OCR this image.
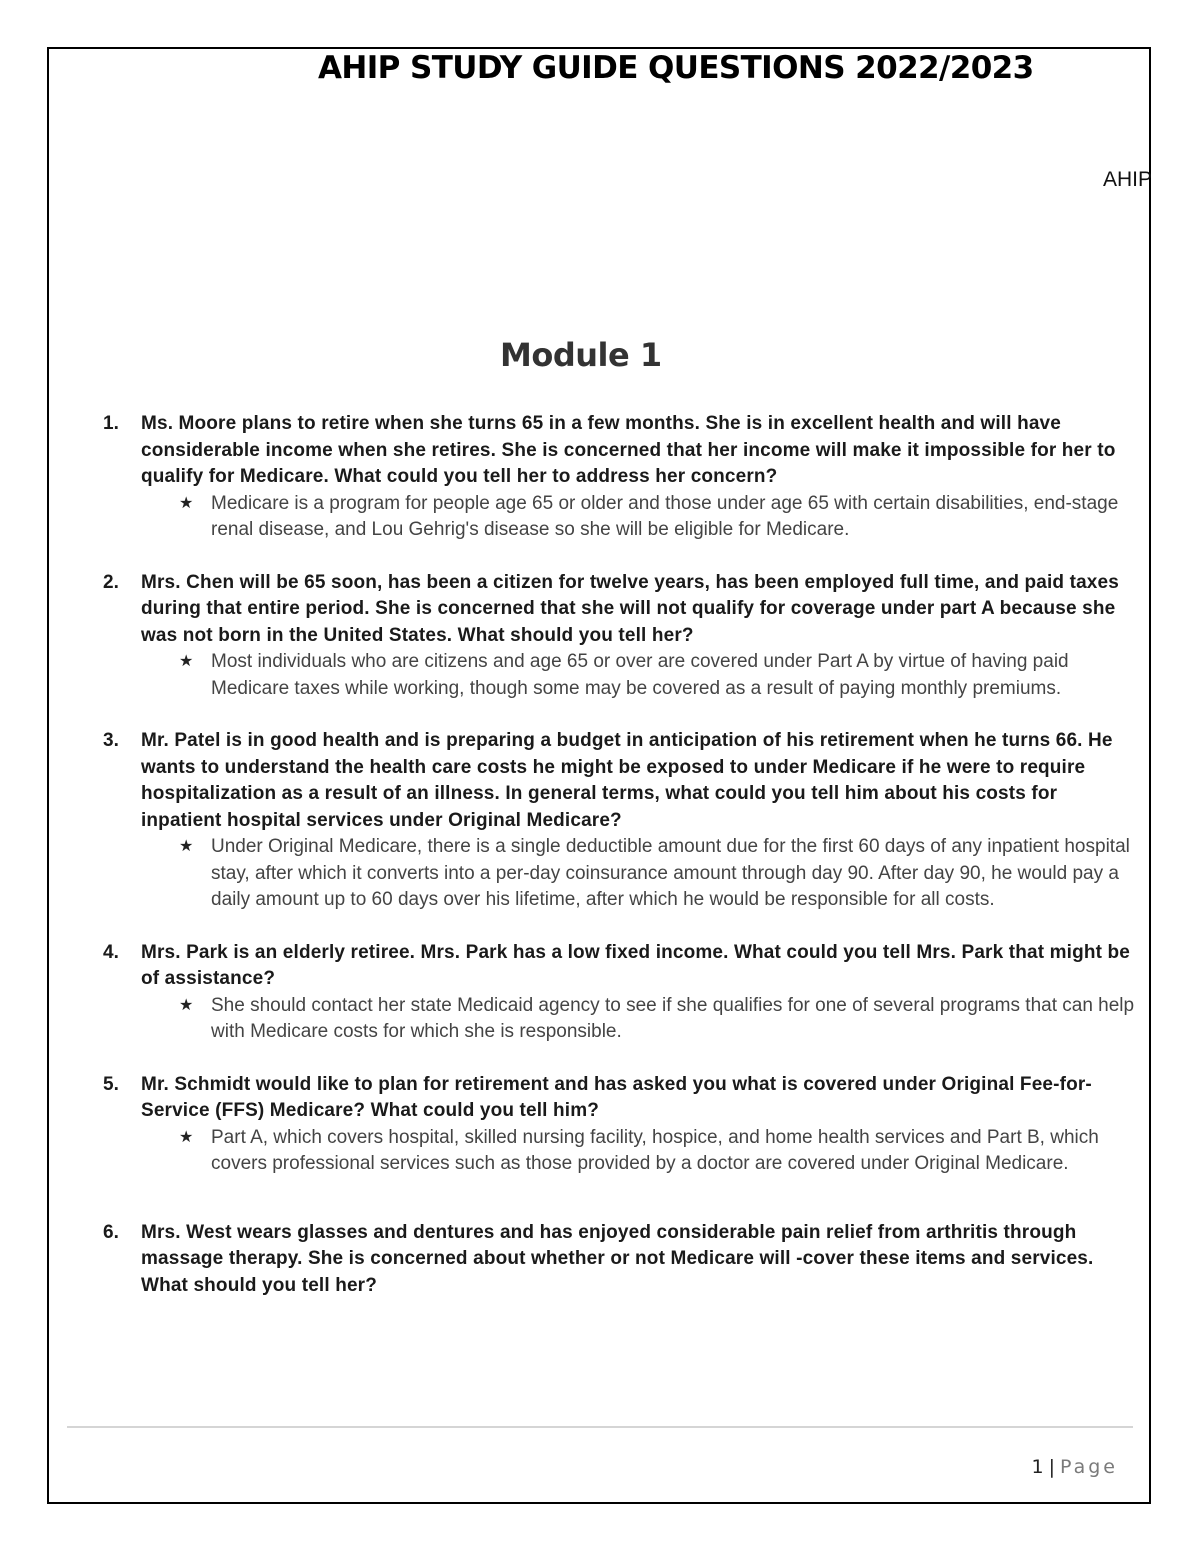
AHIP STUDY GUIDE QUESTIONS 2022/2023
AHIP
Module 1
1. Ms. Moore plans to retire when she turns 65 in a few months. She is in excellent health and will have considerable income when she retires. She is concerned that her income will make it impossible for her to qualify for Medicare. What could you tell her to address her concern?
★ Medicare is a program for people age 65 or older and those under age 65 with certain disabilities, end-stage renal disease, and Lou Gehrig's disease so she will be eligible for Medicare.
2. Mrs. Chen will be 65 soon, has been a citizen for twelve years, has been employed full time, and paid taxes during that entire period. She is concerned that she will not qualify for coverage under part A because she was not born in the United States. What should you tell her?
★ Most individuals who are citizens and age 65 or over are covered under Part A by virtue of having paid Medicare taxes while working, though some may be covered as a result of paying monthly premiums.
3. Mr. Patel is in good health and is preparing a budget in anticipation of his retirement when he turns 66. He wants to understand the health care costs he might be exposed to under Medicare if he were to require hospitalization as a result of an illness. In general terms, what could you tell him about his costs for inpatient hospital services under Original Medicare?
★ Under Original Medicare, there is a single deductible amount due for the first 60 days of any inpatient hospital stay, after which it converts into a per-day coinsurance amount through day 90. After day 90, he would pay a daily amount up to 60 days over his lifetime, after which he would be responsible for all costs.
4. Mrs. Park is an elderly retiree. Mrs. Park has a low fixed income. What could you tell Mrs. Park that might be of assistance?
★ She should contact her state Medicaid agency to see if she qualifies for one of several programs that can help with Medicare costs for which she is responsible.
5. Mr. Schmidt would like to plan for retirement and has asked you what is covered under Original Fee-for-Service (FFS) Medicare? What could you tell him?
★ Part A, which covers hospital, skilled nursing facility, hospice, and home health services and Part B, which covers professional services such as those provided by a doctor are covered under Original Medicare.
6. Mrs. West wears glasses and dentures and has enjoyed considerable pain relief from arthritis through massage therapy. She is concerned about whether or not Medicare will -cover these items and services. What should you tell her?
1 | Page
